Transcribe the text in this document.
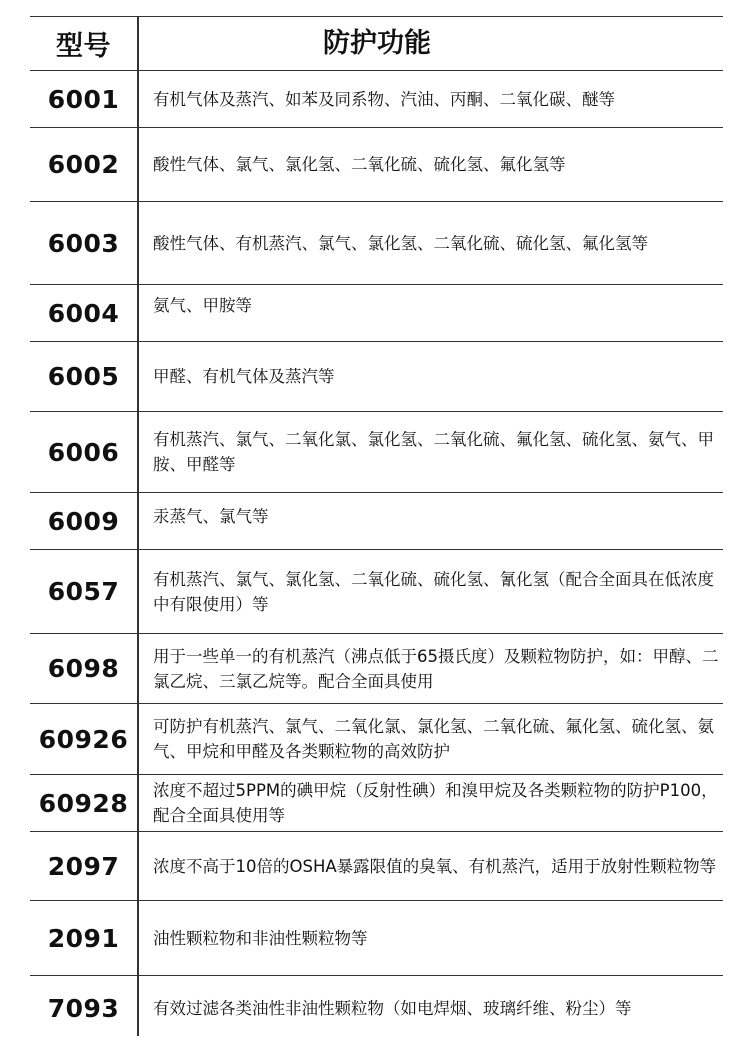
型号	防护功能
6001	有机气体及蒸汽、如苯及同系物、汽油、丙酮、二氧化碳、醚等
6002	酸性气体、氯气、氯化氢、二氧化硫、硫化氢、氟化氢等
6003	酸性气体、有机蒸汽、氯气、氯化氢、二氧化硫、硫化氢、氟化氢等
6004	氨气、甲胺等
6005	甲醛、有机气体及蒸汽等
6006	有机蒸汽、氯气、二氧化氯、氯化氢、二氧化硫、氟化氢、硫化氢、氨气、甲胺、甲醛等
6009	汞蒸气、氯气等
6057	有机蒸汽、氯气、氯化氢、二氧化硫、硫化氢、氰化氢（配合全面具在低浓度中有限使用）等
6098	用于一些单一的有机蒸汽（沸点低于65摄氏度）及颗粒物防护，如：甲醇、二氯乙烷、三氯乙烷等。配合全面具使用
60926	可防护有机蒸汽、氯气、二氧化氯、氯化氢、二氧化硫、氟化氢、硫化氢、氨气、甲烷和甲醛及各类颗粒物的高效防护
60928	浓度不超过5PPM的碘甲烷（反射性碘）和溴甲烷及各类颗粒物的防护P100，配合全面具使用等
2097	浓度不高于10倍的OSHA暴露限值的臭氧、有机蒸汽，适用于放射性颗粒物等
2091	油性颗粒物和非油性颗粒物等
7093	有效过滤各类油性非油性颗粒物（如电焊烟、玻璃纤维、粉尘）等
